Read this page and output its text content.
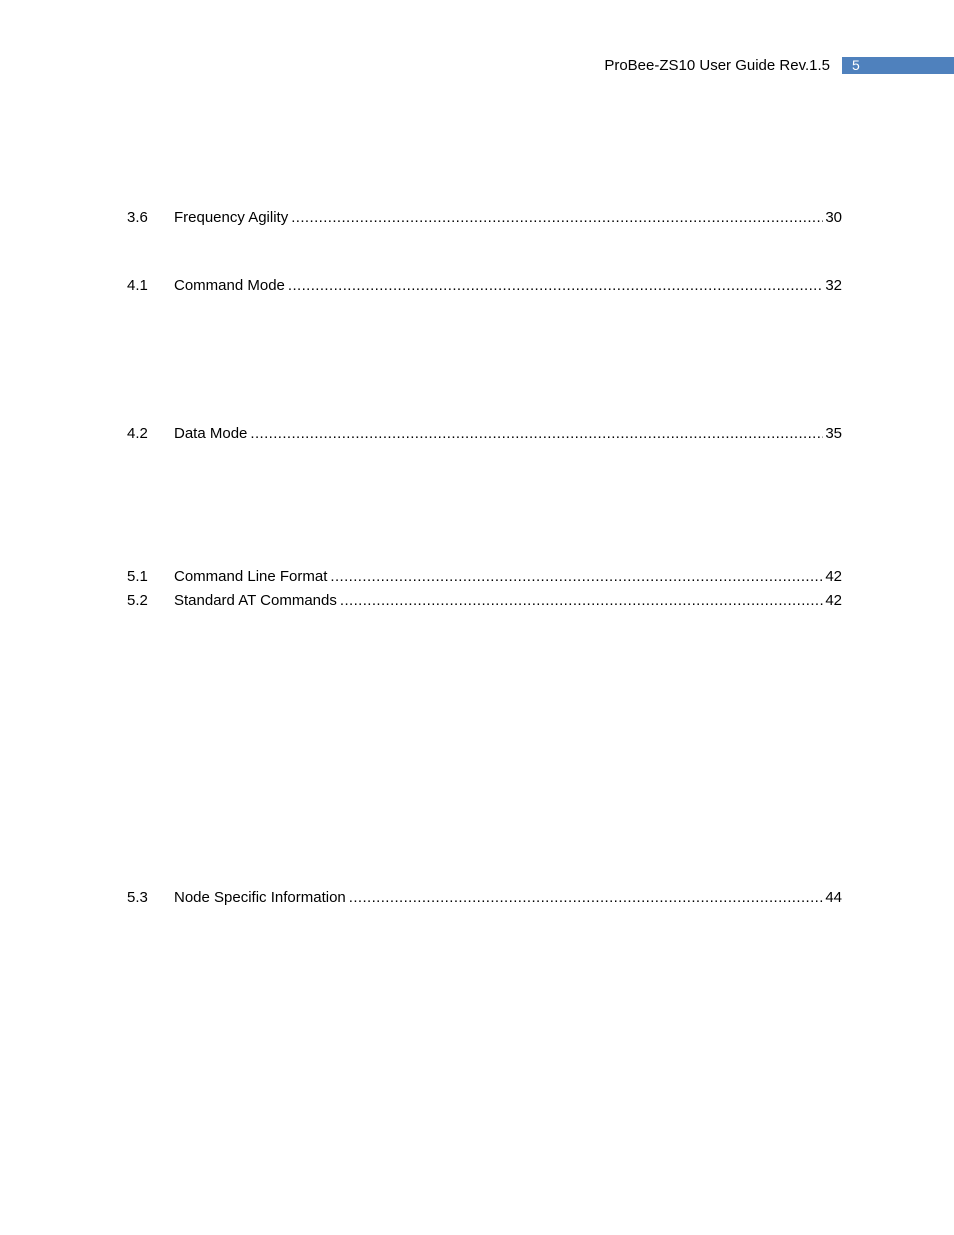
ProBee-ZS10 User Guide Rev.1.5	5
3.6	Frequency Agility .....	30
4.1	Command Mode .....	32
4.2	Data Mode .....	35
5.1	Command Line Format .....	42
5.2	Standard AT Commands .....	42
5.3	Node Specific Information .....	44
